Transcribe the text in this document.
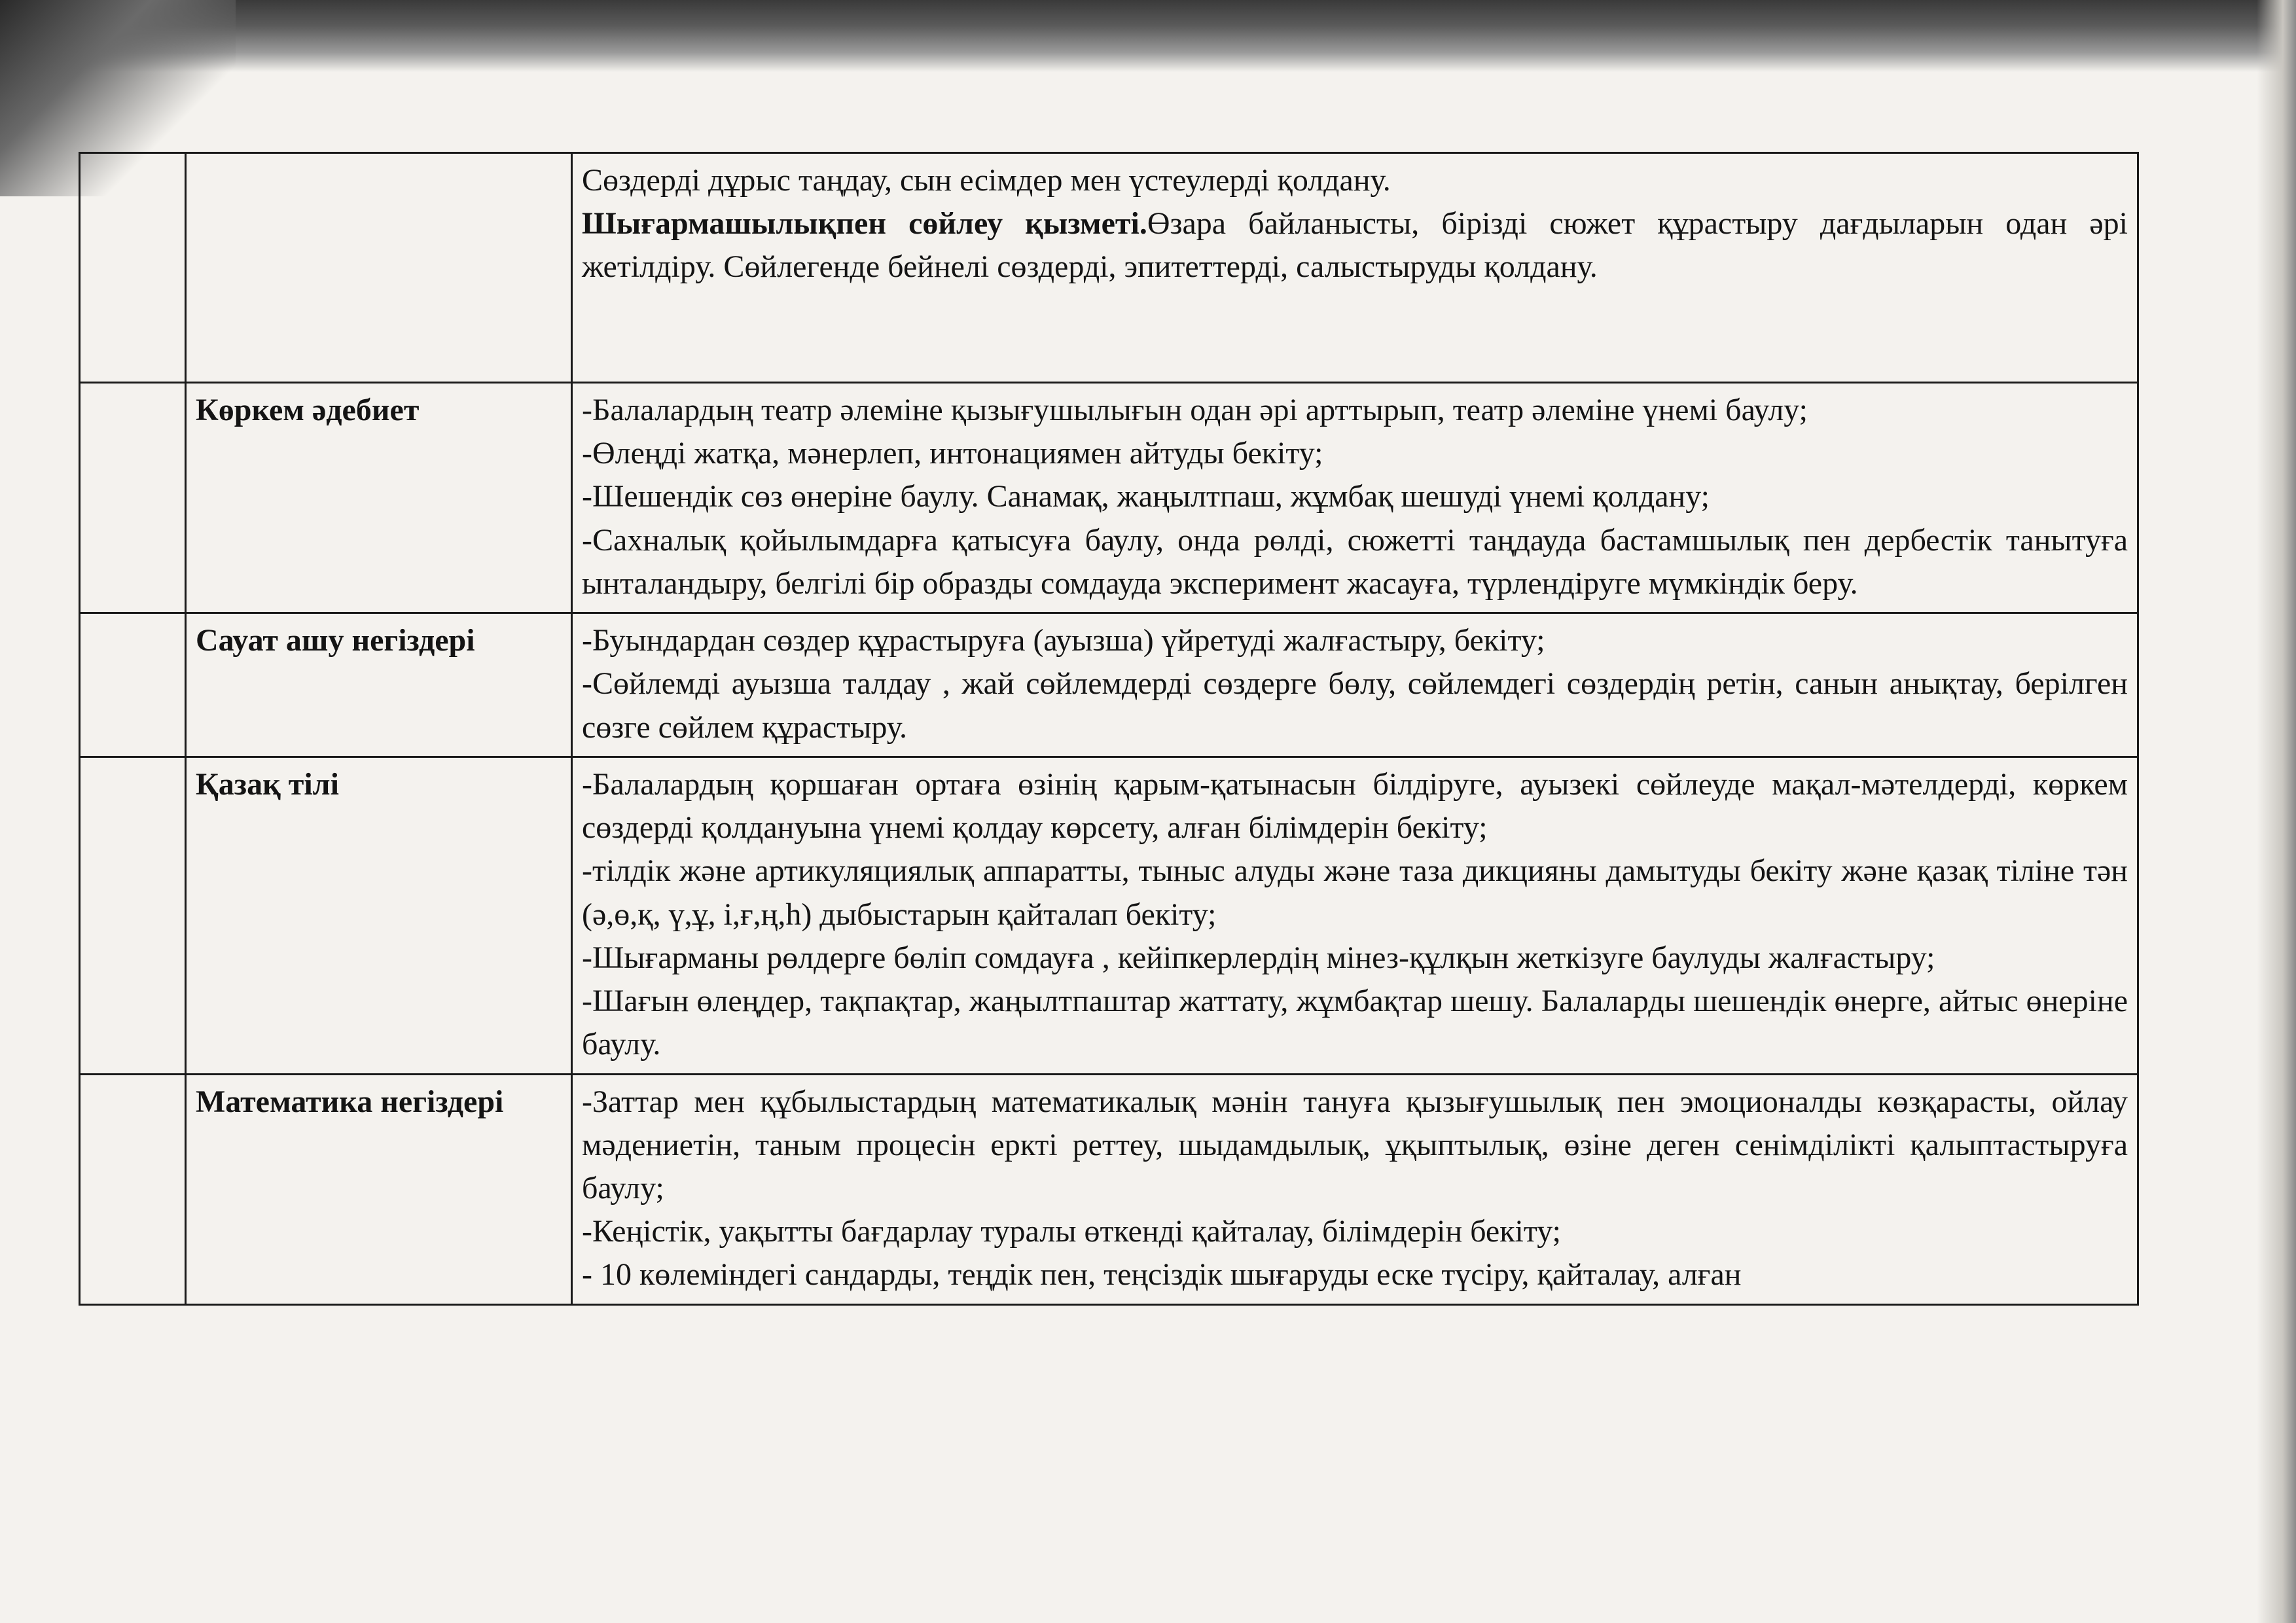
		Сөздерді дұрыс таңдау, сын есімдер мен үстеулерді қолдану.

Шығармашылықпен сөйлеу қызметі.Өзара байланысты, бірізді сюжет құрастыру дағдыларын одан әрі жетілдіру. Сөйлегенде бейнелі сөздерді, эпитеттерді, салыстыруды қолдану.

	Көркем әдебиет	-Балалардың театр әлеміне қызығушылығын одан әрі арттырып, театр әлеміне үнемі баулу;

-Өлеңді жатқа, мәнерлеп, интонациямен айтуды бекіту;

-Шешендік сөз өнеріне баулу. Санамақ, жаңылтпаш, жұмбақ шешуді үнемі қолдану;

-Сахналық қойылымдарға қатысуға баулу, онда рөлді, сюжетті таңдауда бастамшылық пен дербестік танытуға ынталандыру, белгілі бір образды сомдауда эксперимент жасауға, түрлендіруге мүмкіндік беру.

	Сауат ашу негіздері	-Буындардан сөздер құрастыруға (ауызша) үйретуді жалғастыру, бекіту;

-Сөйлемді ауызша талдау , жай сөйлемдерді сөздерге бөлу, сөйлемдегі сөздердің ретін, санын анықтау, берілген сөзге сөйлем құрастыру.

	Қазақ тілі	-Балалардың қоршаған ортаға өзінің қарым-қатынасын білдіруге, ауызекі сөйлеуде мақал-мәтелдерді, көркем сөздерді қолдануына үнемі қолдау көрсету, алған білімдерін бекіту;

-тілдік және артикуляциялық аппаратты, тыныс алуды және таза дикцияны дамытуды бекіту және қазақ тіліне тән (ә,ө,қ, ү,ұ, і,ғ,ң,һ) дыбыстарын қайталап бекіту;

-Шығарманы рөлдерге бөліп сомдауға , кейіпкерлердің мінез-құлқын жеткізуге баулуды жалғастыру;

-Шағын өлеңдер, тақпақтар, жаңылтпаштар жаттату, жұмбақтар шешу. Балаларды шешендік өнерге, айтыс өнеріне баулу.

	Математика негіздері	-Заттар мен құбылыстардың математикалық мәнін тануға қызығушылық пен эмоционалды көзқарасты, ойлау мәдениетін, таным процесін еркті реттеу, шыдамдылық, ұқыптылық, өзіне деген сенімділікті қалыптастыруға баулу;

-Кеңістік, уақытты бағдарлау туралы өткенді қайталау, білімдерін бекіту;

- 10 көлеміндегі сандарды, теңдік пен, теңсіздік шығаруды еске түсіру, қайталау, алған
